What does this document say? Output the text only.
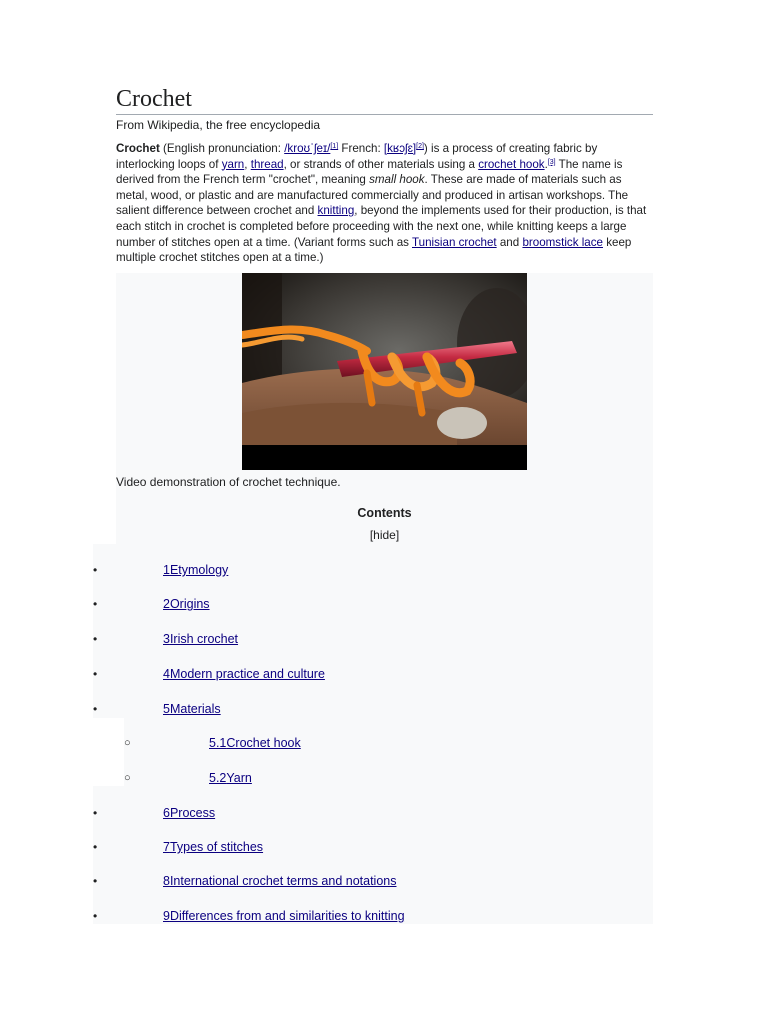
Crochet
From Wikipedia, the free encyclopedia

Crochet (English pronunciation: /kroʊˈʃeɪ/[1] French: [kʁɔʃɛ][2]) is a process of creating fabric by interlocking loops of yarn, thread, or strands of other materials using a crochet hook.[3] The name is derived from the French term "crochet", meaning small hook. These are made of materials such as metal, wood, or plastic and are manufactured commercially and produced in artisan workshops. The salient difference between crochet and knitting, beyond the implements used for their production, is that each stitch in crochet is completed before proceeding with the next one, while knitting keeps a large number of stitches open at a time. (Variant forms such as Tunisian crochet and broomstick lace keep multiple crochet stitches open at a time.)

Video demonstration of crochet technique.
Contents
[hide]
•	1Etymology
•	2Origins
•	3Irish crochet
•	4Modern practice and culture
•	5Materials
○	5.1Crochet hook
○	5.2Yarn
•	6Process
•	7Types of stitches
•	8International crochet terms and notations
•	9Differences from and similarities to knitting
